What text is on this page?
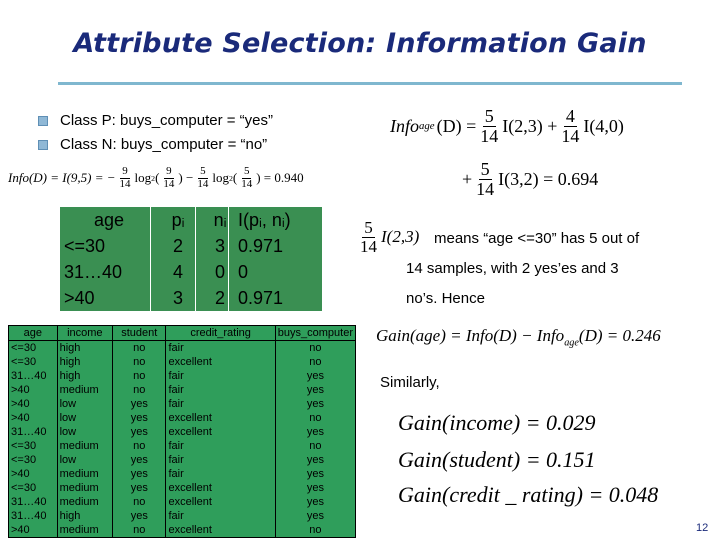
Attribute Selection: Information Gain
Class P: buys_computer = “yes”
Class N: buys_computer = “no”
Info(D) = I(9,5) = − $\frac{9}{14}$ log 2 ( $\frac{9}{14}$ ) − $\frac{5}{14}$ log 2 ( $\frac{5}{14}$ ) = 0.940
Info age $(D) = \frac{5}{14} I(2,3) + \frac{4}{14} I(4,0)$
+ $\frac{5}{14} I(3,2) = 0.694$
age	pᵢ	nᵢ I(pᵢ, nᵢ)
<=30	2	3 0.971
31…40	4	0 0
>40	3	2 0.971
$\frac{5}{14} I(2,3)$ means “age <=30” has 5 out of
14 samples, with 2 yes’es and 3
no’s. Hence
Gain(age) = Info(D) − Info$_{age}$(D) = 0.246
Similarly,
Gain(income) = 0.029
Gain(student) = 0.151
Gain(credit _ rating) = 0.048
age	income	student	credit_rating	buys_computer
<=30	high	no	fair	no
<=30	high	no	excellent	no
31…40	high	no	fair	yes
>40	medium	no	fair	yes
>40	low	yes	fair	yes
>40	low	yes	excellent	no
31…40	low	yes	excellent	yes
<=30	medium	no	fair	no
<=30	low	yes	fair	yes
>40	medium	yes	fair	yes
<=30	medium	yes	excellent	yes
31…40	medium	no	excellent	yes
31…40	high	yes	fair	yes
>40	medium	no	excellent	no	12
